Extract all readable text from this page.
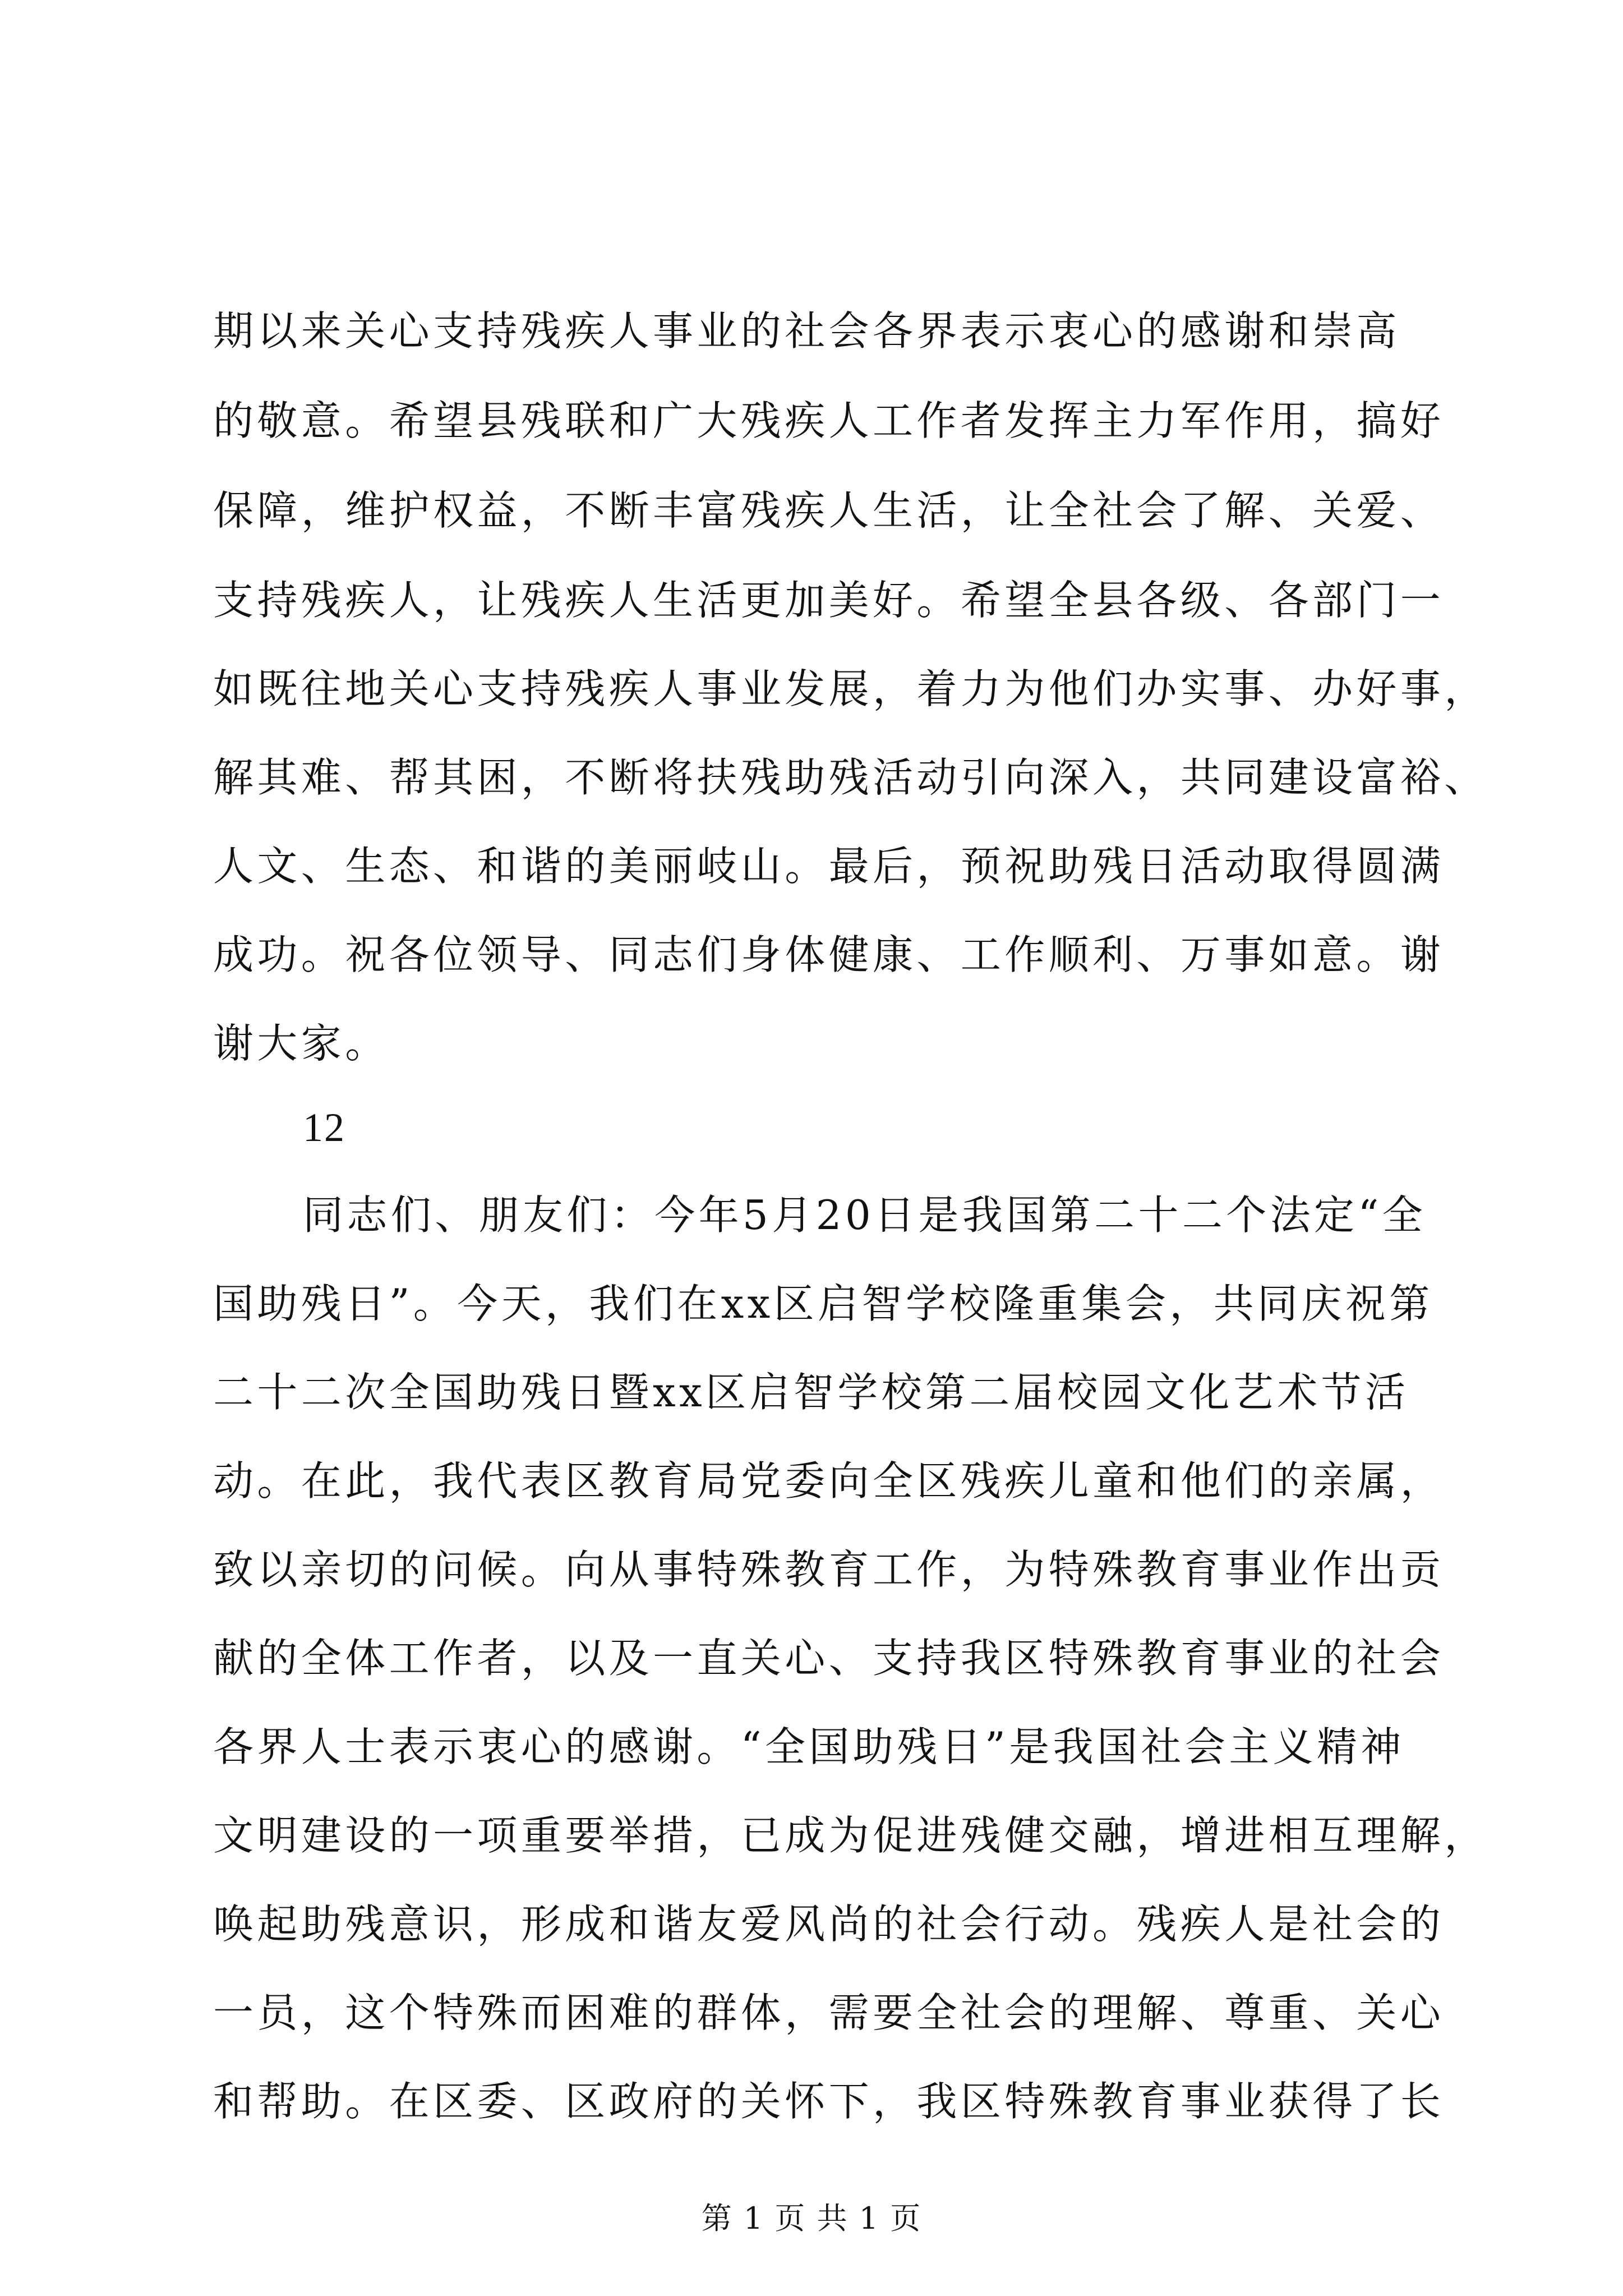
期以来关心支持残疾人事业的社会各界表示衷心的感谢和崇高
的敬意。希望县残联和广大残疾人工作者发挥主力军作用，搞好
保障，维护权益，不断丰富残疾人生活，让全社会了解、关爱、
支持残疾人，让残疾人生活更加美好。希望全县各级、各部门一
如既往地关心支持残疾人事业发展，着力为他们办实事、办好事，
解其难、帮其困，不断将扶残助残活动引向深入，共同建设富裕、
人文、生态、和谐的美丽岐山。最后，预祝助残日活动取得圆满
成功。祝各位领导、同志们身体健康、工作顺利、万事如意。谢
谢大家。
12
同志们、朋友们：今年5月20日是我国第二十二个法定“全
国助残日”。今天，我们在xx区启智学校隆重集会，共同庆祝第
二十二次全国助残日暨xx区启智学校第二届校园文化艺术节活
动。在此，我代表区教育局党委向全区残疾儿童和他们的亲属，
致以亲切的问候。向从事特殊教育工作，为特殊教育事业作出贡
献的全体工作者，以及一直关心、支持我区特殊教育事业的社会
各界人士表示衷心的感谢。“全国助残日”是我国社会主义精神
文明建设的一项重要举措，已成为促进残健交融，增进相互理解，
唤起助残意识，形成和谐友爱风尚的社会行动。残疾人是社会的
一员，这个特殊而困难的群体，需要全社会的理解、尊重、关心
和帮助。在区委、区政府的关怀下，我区特殊教育事业获得了长
第 1 页 共 1 页
